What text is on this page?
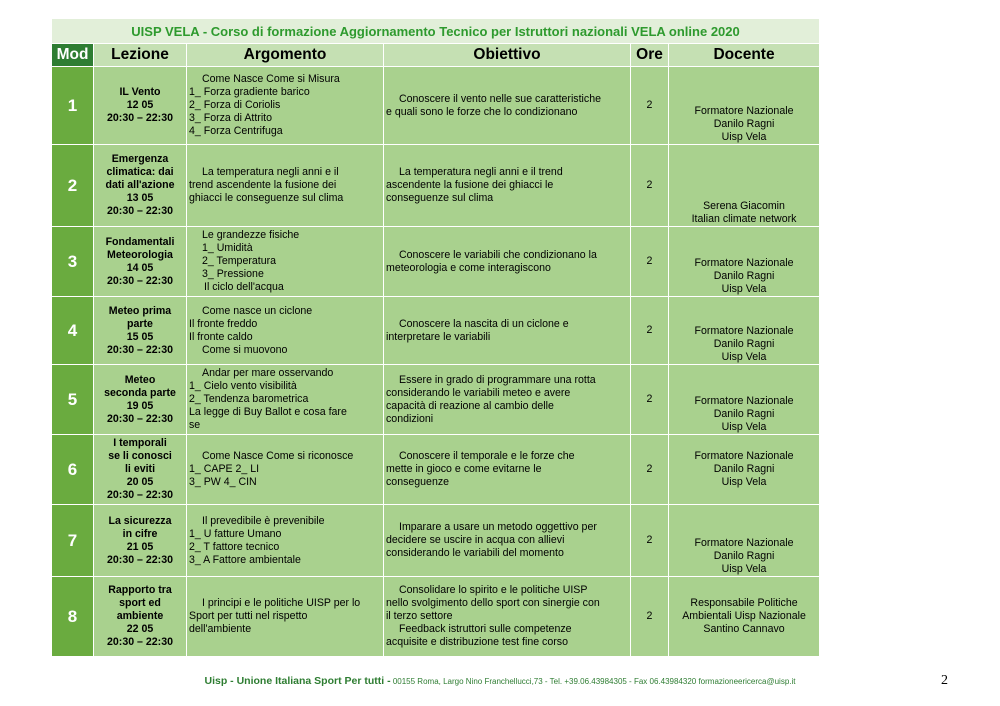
UISP VELA - Corso di formazione Aggiornamento Tecnico per Istruttori nazionali VELA online 2020					
Mod	Lezione	Argomento	Obiettivo	Ore	Docente
1	IL Vento
12 05
20:30 – 22:30	Come Nasce Come si Misura
1_ Forza gradiente barico
2_ Forza di Coriolis
3_ Forza di Attrito
4_ Forza Centrifuga	Conoscere il vento nelle sue caratteristiche
e quali sono le forze che lo condizionano	2	Formatore Nazionale
Danilo Ragni
Uisp Vela

2	Emergenza
climatica: dai
dati all'azione
13 05
20:30 – 22:30	La temperatura negli anni e il
trend ascendente la fusione dei
ghiacci le conseguenze sul clima	La temperatura negli anni e il trend
ascendente la fusione dei ghiacci le
conseguenze sul clima	2	Serena Giacomin
Italian climate network

3	Fondamentali
Meteorologia
14 05
20:30 – 22:30	Le grandezze fisiche
1_ Umidità
2_ Temperatura
3_ Pressione
Il ciclo dell'acqua	Conoscere le variabili che condizionano la
meteorologia e come interagiscono	2	Formatore Nazionale
Danilo Ragni
Uisp Vela

4	Meteo prima
parte
15 05
20:30 – 22:30	Come nasce un ciclone
Il fronte freddo
Il fronte caldo
Come si muovono	Conoscere la nascita di un ciclone e
interpretare le variabili	2	Formatore Nazionale
Danilo Ragni
Uisp Vela

5	Meteo
seconda parte
19 05
20:30 – 22:30	Andar per mare osservando
1_ Cielo vento visibilità
2_ Tendenza barometrica
La legge di Buy Ballot e cosa fare
se	Essere in grado di programmare una rotta
considerando le variabili meteo e avere
capacità di reazione al cambio delle
condizioni	2	Formatore Nazionale
Danilo Ragni
Uisp Vela

6	I temporali
se li conosci
li eviti
20 05
20:30 – 22:30	Come Nasce Come si riconosce
1_ CAPE 2_ LI
3_ PW 4_ CIN	Conoscere il temporale e le forze che
mette in gioco e come evitarne le
conseguenze	2	Formatore Nazionale
Danilo Ragni
Uisp Vela

7	La sicurezza
in cifre
21 05
20:30 – 22:30	Il prevedibile è prevenibile
1_ U fatture Umano
2_ T fattore tecnico
3_ A Fattore ambientale	Imparare a usare un metodo oggettivo per
decidere se uscire in acqua con allievi
considerando le variabili del momento	2	Formatore Nazionale
Danilo Ragni
Uisp Vela

8	Rapporto tra
sport ed
ambiente
22 05
20:30 – 22:30	I principi e le politiche UISP per lo
Sport per tutti nel rispetto
dell'ambiente	Consolidare lo spirito e le politiche UISP
nello svolgimento dello sport con sinergie con
il terzo settore
Feedback istruttori sulle competenze
acquisite e distribuzione test fine corso	2	Responsabile Politiche
Ambientali Uisp Nazionale
Santino Cannavo
Uisp - Unione Italiana Sport Per tutti - 00155 Roma, Largo Nino Franchellucci,73 - Tel. +39.06.43984305 - Fax 06.43984320 formazioneericerca@uisp.it	2
